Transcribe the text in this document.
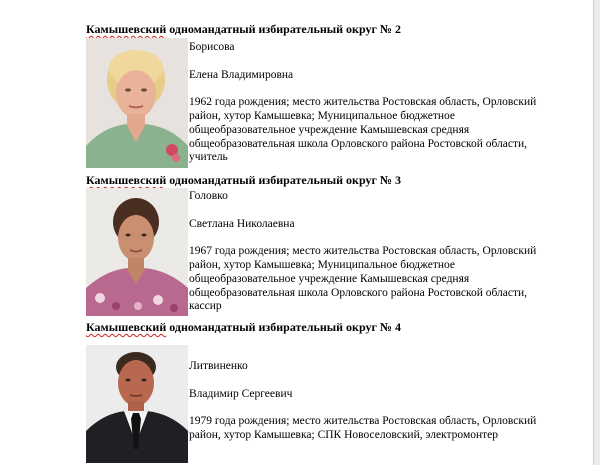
Камышевский одномандатный избирательный округ № 2
Борисова
Елена Владимировна
1962 года рождения; место жительства Ростовская область, Орловский
район, хутор Камышевка; Муниципальное бюджетное
общеобразовательное учреждение Камышевская средняя
общеобразовательная школа Орловского района Ростовской области,
учитель
Камышевский одномандатный избирательный округ № 3
Головко
Светлана Николаевна
1967 года рождения; место жительства Ростовская область, Орловский
район, хутор Камышевка; Муниципальное бюджетное
общеобразовательное учреждение Камышевская средняя
общеобразовательная школа Орловского района Ростовской области,
кассир
Камышевский одномандатный избирательный округ № 4
Литвиненко
Владимир Сергеевич
1979 года рождения; место жительства Ростовская область, Орловский
район, хутор Камышевка; СПК Новоселовский, электромонтер
